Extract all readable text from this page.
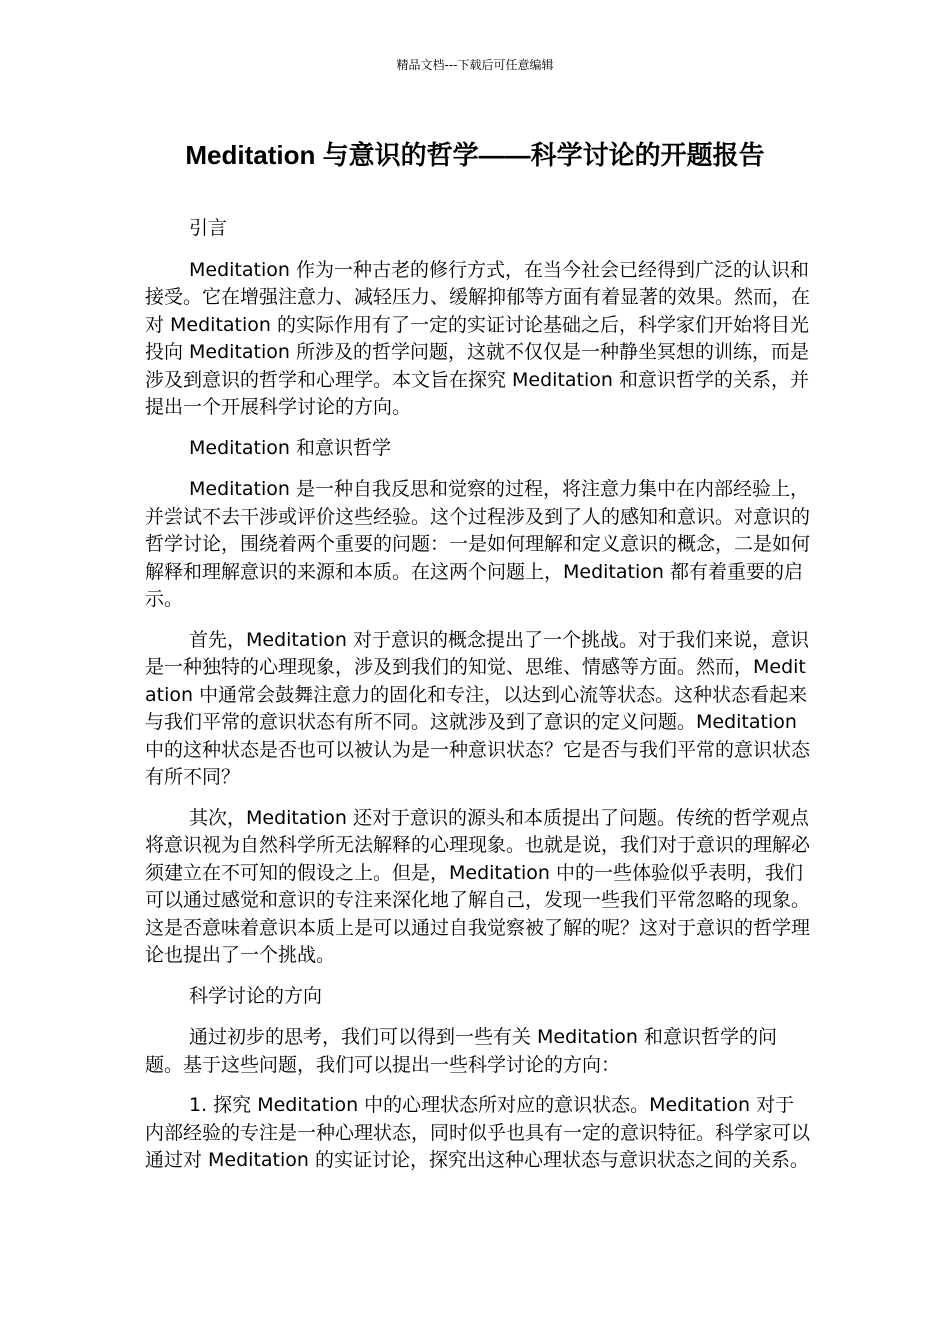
精品文档---下载后可任意编辑
Meditation 与意识的哲学——科学讨论的开题报告

引言

Meditation 作为一种古老的修行方式，在当今社会已经得到广泛的认识和接受。它在增强注意力、减轻压力、缓解抑郁等方面有着显著的效果。然而，在对 Meditation 的实际作用有了一定的实证讨论基础之后，科学家们开始将目光投向 Meditation 所涉及的哲学问题，这就不仅仅是一种静坐冥想的训练，而是涉及到意识的哲学和心理学。本文旨在探究 Meditation 和意识哲学的关系，并提出一个开展科学讨论的方向。

Meditation 和意识哲学

Meditation 是一种自我反思和觉察的过程，将注意力集中在内部经验上，并尝试不去干涉或评价这些经验。这个过程涉及到了人的感知和意识。对意识的哲学讨论，围绕着两个重要的问题：一是如何理解和定义意识的概念，二是如何解释和理解意识的来源和本质。在这两个问题上，Meditation 都有着重要的启示。

首先，Meditation 对于意识的概念提出了一个挑战。对于我们来说，意识是一种独特的心理现象，涉及到我们的知觉、思维、情感等方面。然而，Meditation 中通常会鼓舞注意力的固化和专注，以达到心流等状态。这种状态看起来与我们平常的意识状态有所不同。这就涉及到了意识的定义问题。Meditation 中的这种状态是否也可以被认为是一种意识状态？它是否与我们平常的意识状态有所不同？

其次，Meditation 还对于意识的源头和本质提出了问题。传统的哲学观点将意识视为自然科学所无法解释的心理现象。也就是说，我们对于意识的理解必须建立在不可知的假设之上。但是，Meditation 中的一些体验似乎表明，我们可以通过感觉和意识的专注来深化地了解自己，发现一些我们平常忽略的现象。这是否意味着意识本质上是可以通过自我觉察被了解的呢？这对于意识的哲学理论也提出了一个挑战。

科学讨论的方向

通过初步的思考，我们可以得到一些有关 Meditation 和意识哲学的问题。基于这些问题，我们可以提出一些科学讨论的方向：

1. 探究 Meditation 中的心理状态所对应的意识状态。Meditation 对于内部经验的专注是一种心理状态，同时似乎也具有一定的意识特征。科学家可以通过对 Meditation 的实证讨论，探究出这种心理状态与意识状态之间的关系。
